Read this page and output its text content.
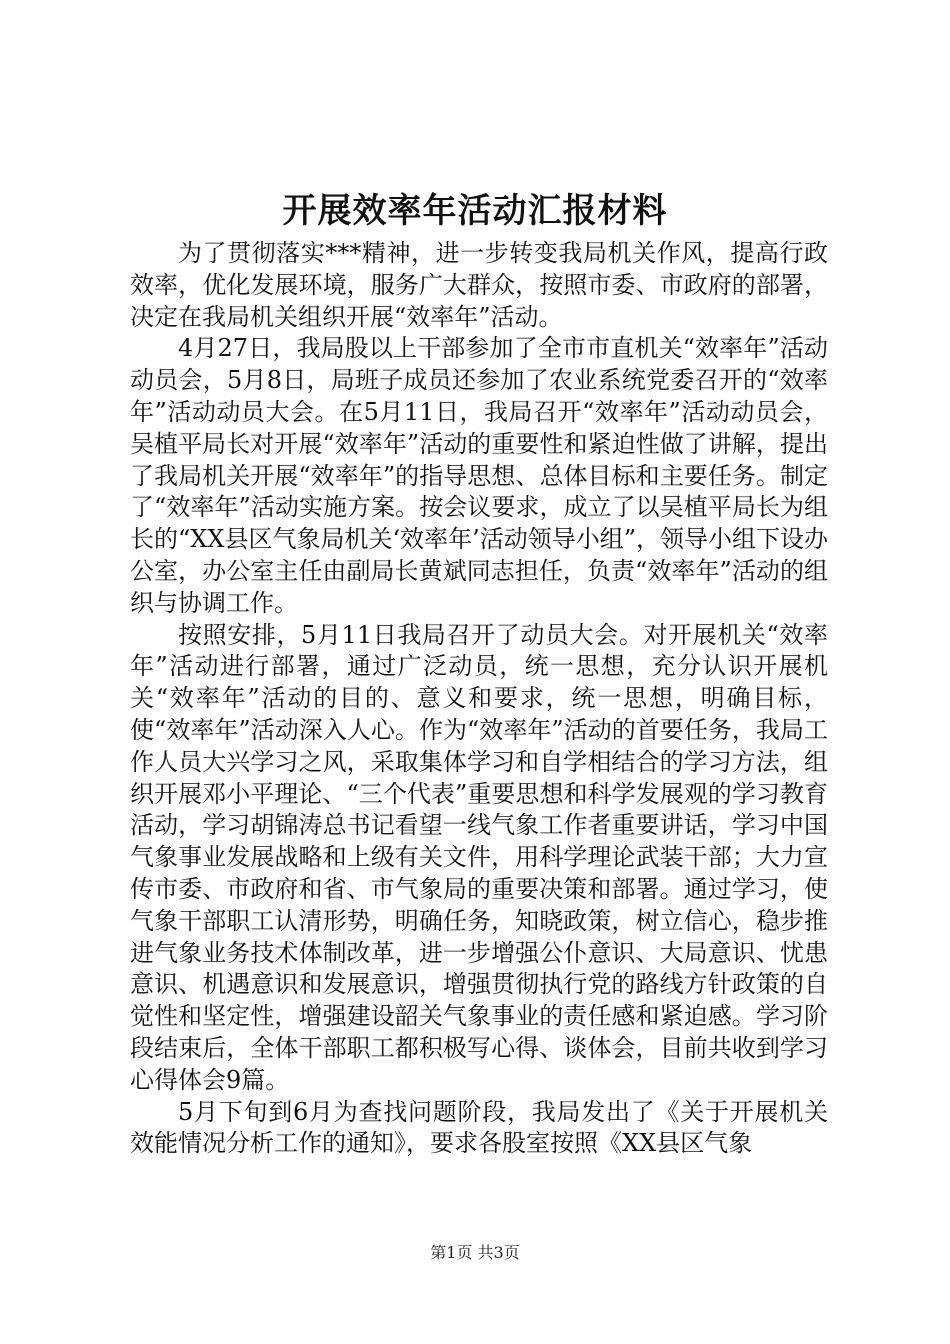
开展效率年活动汇报材料

为了贯彻落实***精神，进一步转变我局机关作风，提高行政效率，优化发展环境，服务广大群众，按照市委、市政府的部署，决定在我局机关组织开展“效率年”活动。

4月27日，我局股以上干部参加了全市市直机关“效率年”活动动员会，5月8日，局班子成员还参加了农业系统党委召开的“效率年”活动动员大会。在5月11日，我局召开“效率年”活动动员会，吴植平局长对开展“效率年”活动的重要性和紧迫性做了讲解，提出了我局机关开展“效率年”的指导思想、总体目标和主要任务。制定了“效率年”活动实施方案。按会议要求，成立了以吴植平局长为组长的“XX县区气象局机关‘效率年’活动领导小组”，领导小组下设办公室，办公室主任由副局长黄斌同志担任，负责“效率年”活动的组织与协调工作。

按照安排，5月11日我局召开了动员大会。对开展机关“效率年”活动进行部署，通过广泛动员，统一思想，充分认识开展机关“效率年”活动的目的、意义和要求，统一思想，明确目标，使“效率年”活动深入人心。作为“效率年”活动的首要任务，我局工作人员大兴学习之风，采取集体学习和自学相结合的学习方法，组织开展邓小平理论、“三个代表”重要思想和科学发展观的学习教育活动，学习胡锦涛总书记看望一线气象工作者重要讲话，学习中国气象事业发展战略和上级有关文件，用科学理论武装干部；大力宣传市委、市政府和省、市气象局的重要决策和部署。通过学习，使气象干部职工认清形势，明确任务，知晓政策，树立信心，稳步推进气象业务技术体制改革，进一步增强公仆意识、大局意识、忧患意识、机遇意识和发展意识，增强贯彻执行党的路线方针政策的自觉性和坚定性，增强建设韶关气象事业的责任感和紧迫感。学习阶段结束后，全体干部职工都积极写心得、谈体会，目前共收到学习心得体会9篇。

5月下旬到6月为查找问题阶段，我局发出了《关于开展机关效能情况分析工作的通知》，要求各股室按照《XX县区气象

第1页 共3页
